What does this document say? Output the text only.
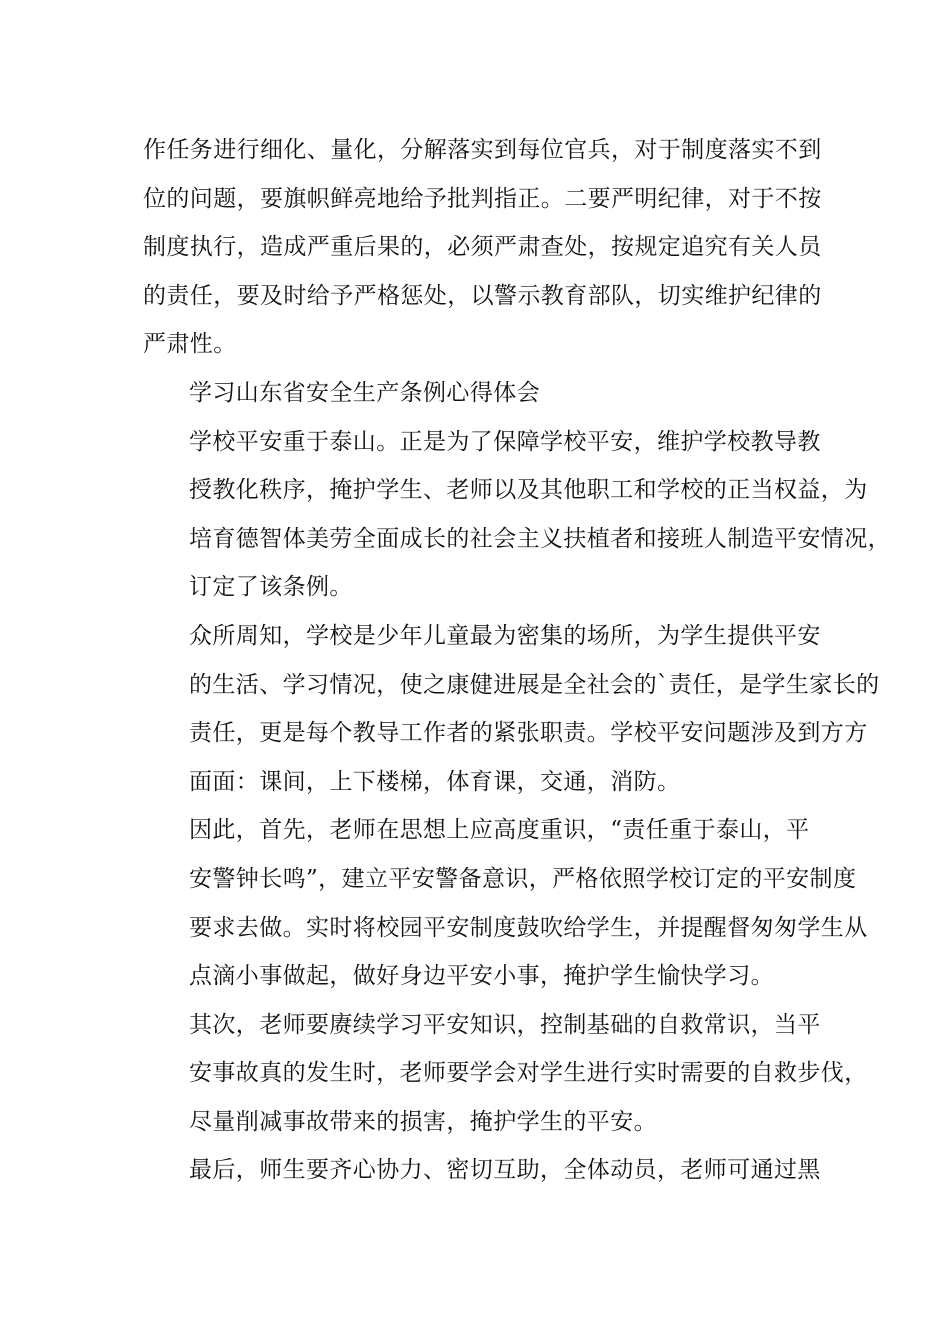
作任务进行细化、量化，分解落实到每位官兵，对于制度落实不到
位的问题，要旗帜鲜亮地给予批判指正。二要严明纪律，对于不按
制度执行，造成严重后果的，必须严肃查处，按规定追究有关人员
的责任，要及时给予严格惩处，以警示教育部队，切实维护纪律的
严肃性。

学习山东省安全生产条例心得体会

学校平安重于泰山。正是为了保障学校平安，维护学校教导教
授教化秩序，掩护学生、老师以及其他职工和学校的正当权益，为
培育德智体美劳全面成长的社会主义扶植者和接班人制造平安情况，
订定了该条例。

众所周知，学校是少年儿童最为密集的场所，为学生提供平安
的生活、学习情况，使之康健进展是全社会的`责任，是学生家长的
责任，更是每个教导工作者的紧张职责。学校平安问题涉及到方方
面面：课间，上下楼梯，体育课，交通，消防。

因此，首先，老师在思想上应高度重识，“责任重于泰山，平
安警钟长鸣”，建立平安警备意识，严格依照学校订定的平安制度
要求去做。实时将校园平安制度鼓吹给学生，并提醒督匆匆学生从
点滴小事做起，做好身边平安小事，掩护学生愉快学习。

其次，老师要赓续学习平安知识，控制基础的自救常识，当平
安事故真的发生时，老师要学会对学生进行实时需要的自救步伐，
尽量削减事故带来的损害，掩护学生的平安。

最后，师生要齐心协力、密切互助，全体动员，老师可通过黑
